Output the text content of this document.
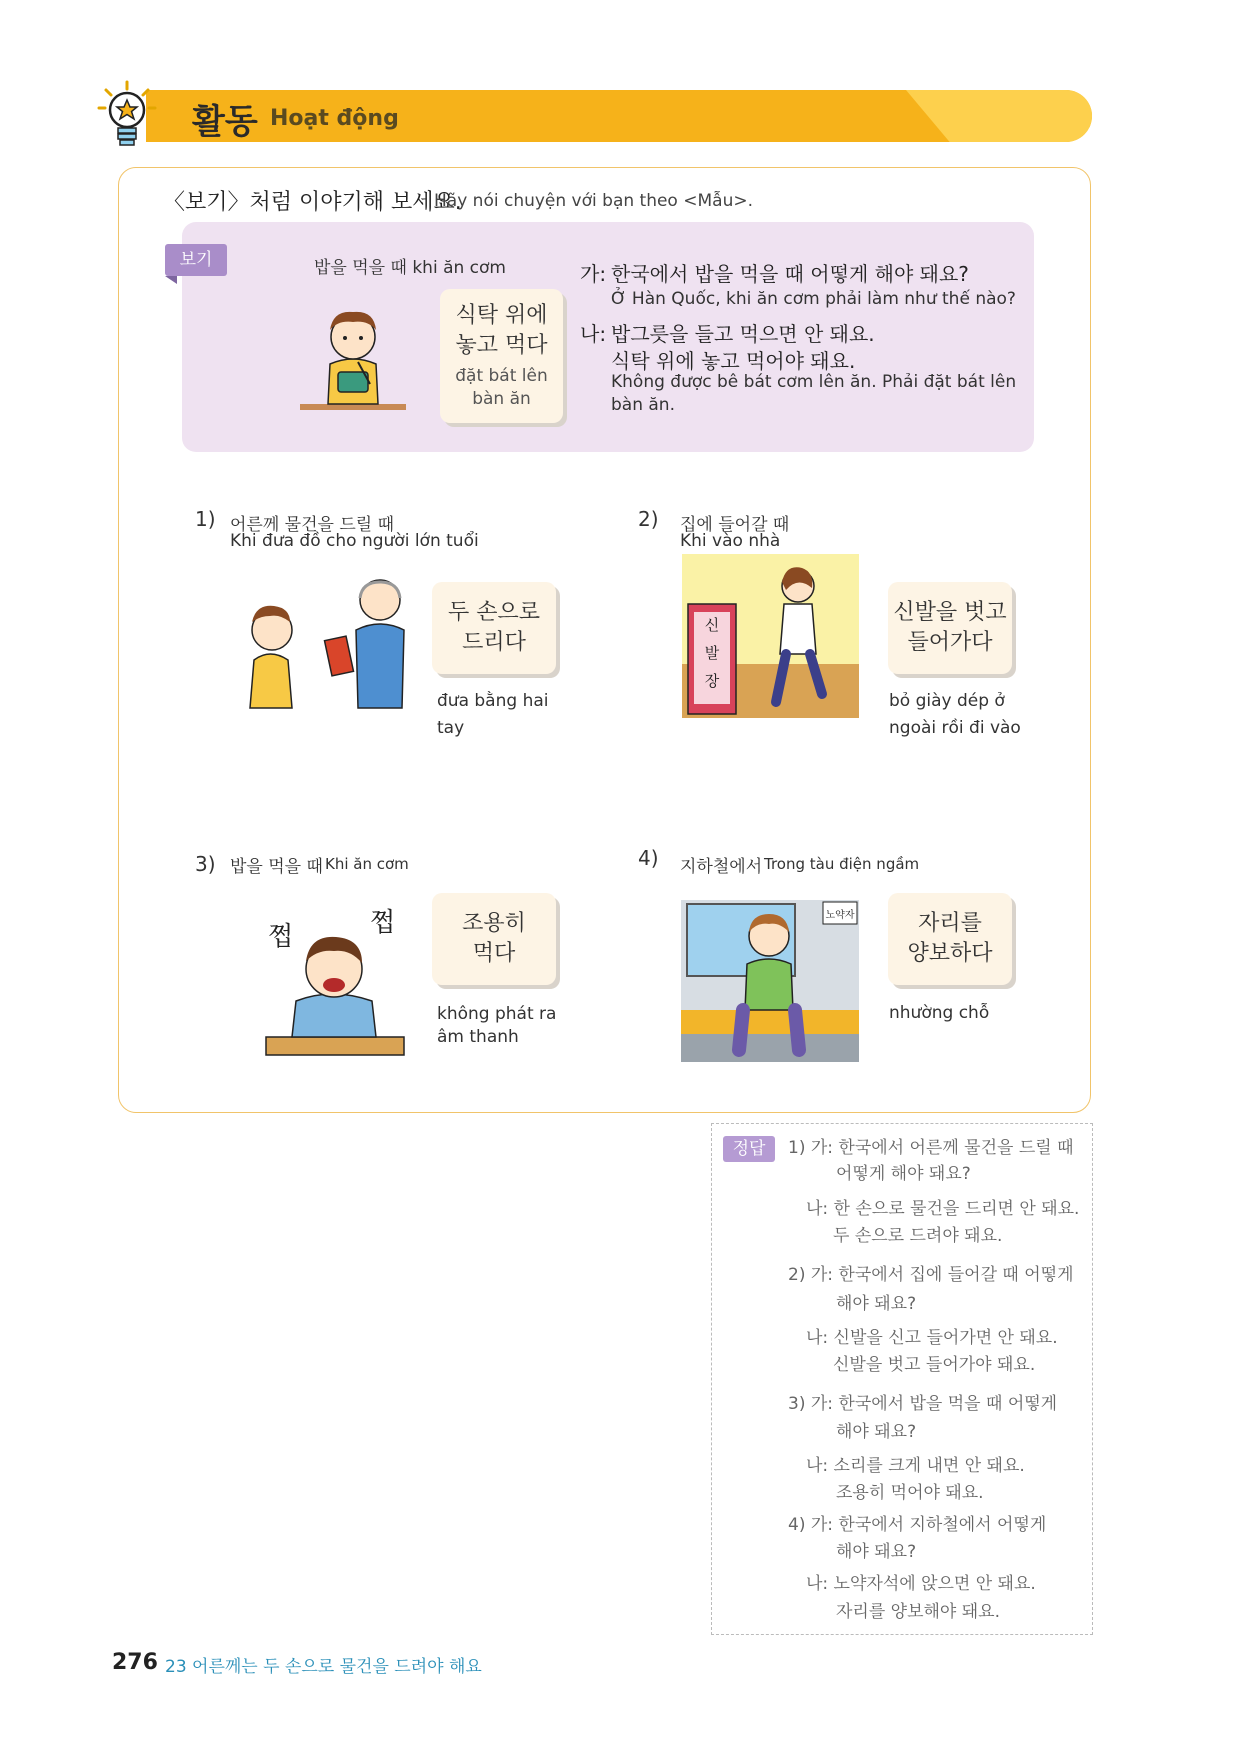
활동 Hoạt động
〈보기〉처럼 이야기해 보세요.
Hãy nói chuyện với bạn theo <Mẫu>.
보기	밥을 먹을 때 khi ăn cơm
식탁 위에
놓고 먹다
đặt bát lên
bàn ăn
가: 한국에서 밥을 먹을 때 어떻게 해야 돼요?
Ở Hàn Quốc, khi ăn cơm phải làm như thế nào?
나: 밥그릇을 들고 먹으면 안 돼요.
식탁 위에 놓고 먹어야 돼요.
Không được bê bát cơm lên ăn. Phải đặt bát lên
bàn ăn.
1) 어른께 물건을 드릴 때
Khi đưa đồ cho người lớn tuổi
두 손으로
드리다
đưa bằng hai
tay
2) 집에 들어갈 때
Khi vào nhà
신
발
장
신발을 벗고
들어가다
bỏ giày dép ở
ngoài rồi đi vào
3) 밥을 먹을 때 Khi ăn cơm
쩝	쩝	조용히
먹다
không phát ra
âm thanh
4) 지하철에서 Trong tàu điện ngầm
노약자	자리를
양보하다
nhường chỗ
정답	1) 가: 한국에서 어른께 물건을 드릴 때
어떻게 해야 돼요?
나: 한 손으로 물건을 드리면 안 돼요.
두 손으로 드려야 돼요.
2) 가: 한국에서 집에 들어갈 때 어떻게
해야 돼요?
나: 신발을 신고 들어가면 안 돼요.
신발을 벗고 들어가야 돼요.
3) 가: 한국에서 밥을 먹을 때 어떻게
해야 돼요?
나: 소리를 크게 내면 안 돼요.
조용히 먹어야 돼요.
4) 가: 한국에서 지하철에서 어떻게
해야 돼요?
나: 노약자석에 앉으면 안 돼요.
자리를 양보해야 돼요.
276 23 어른께는 두 손으로 물건을 드려야 해요
